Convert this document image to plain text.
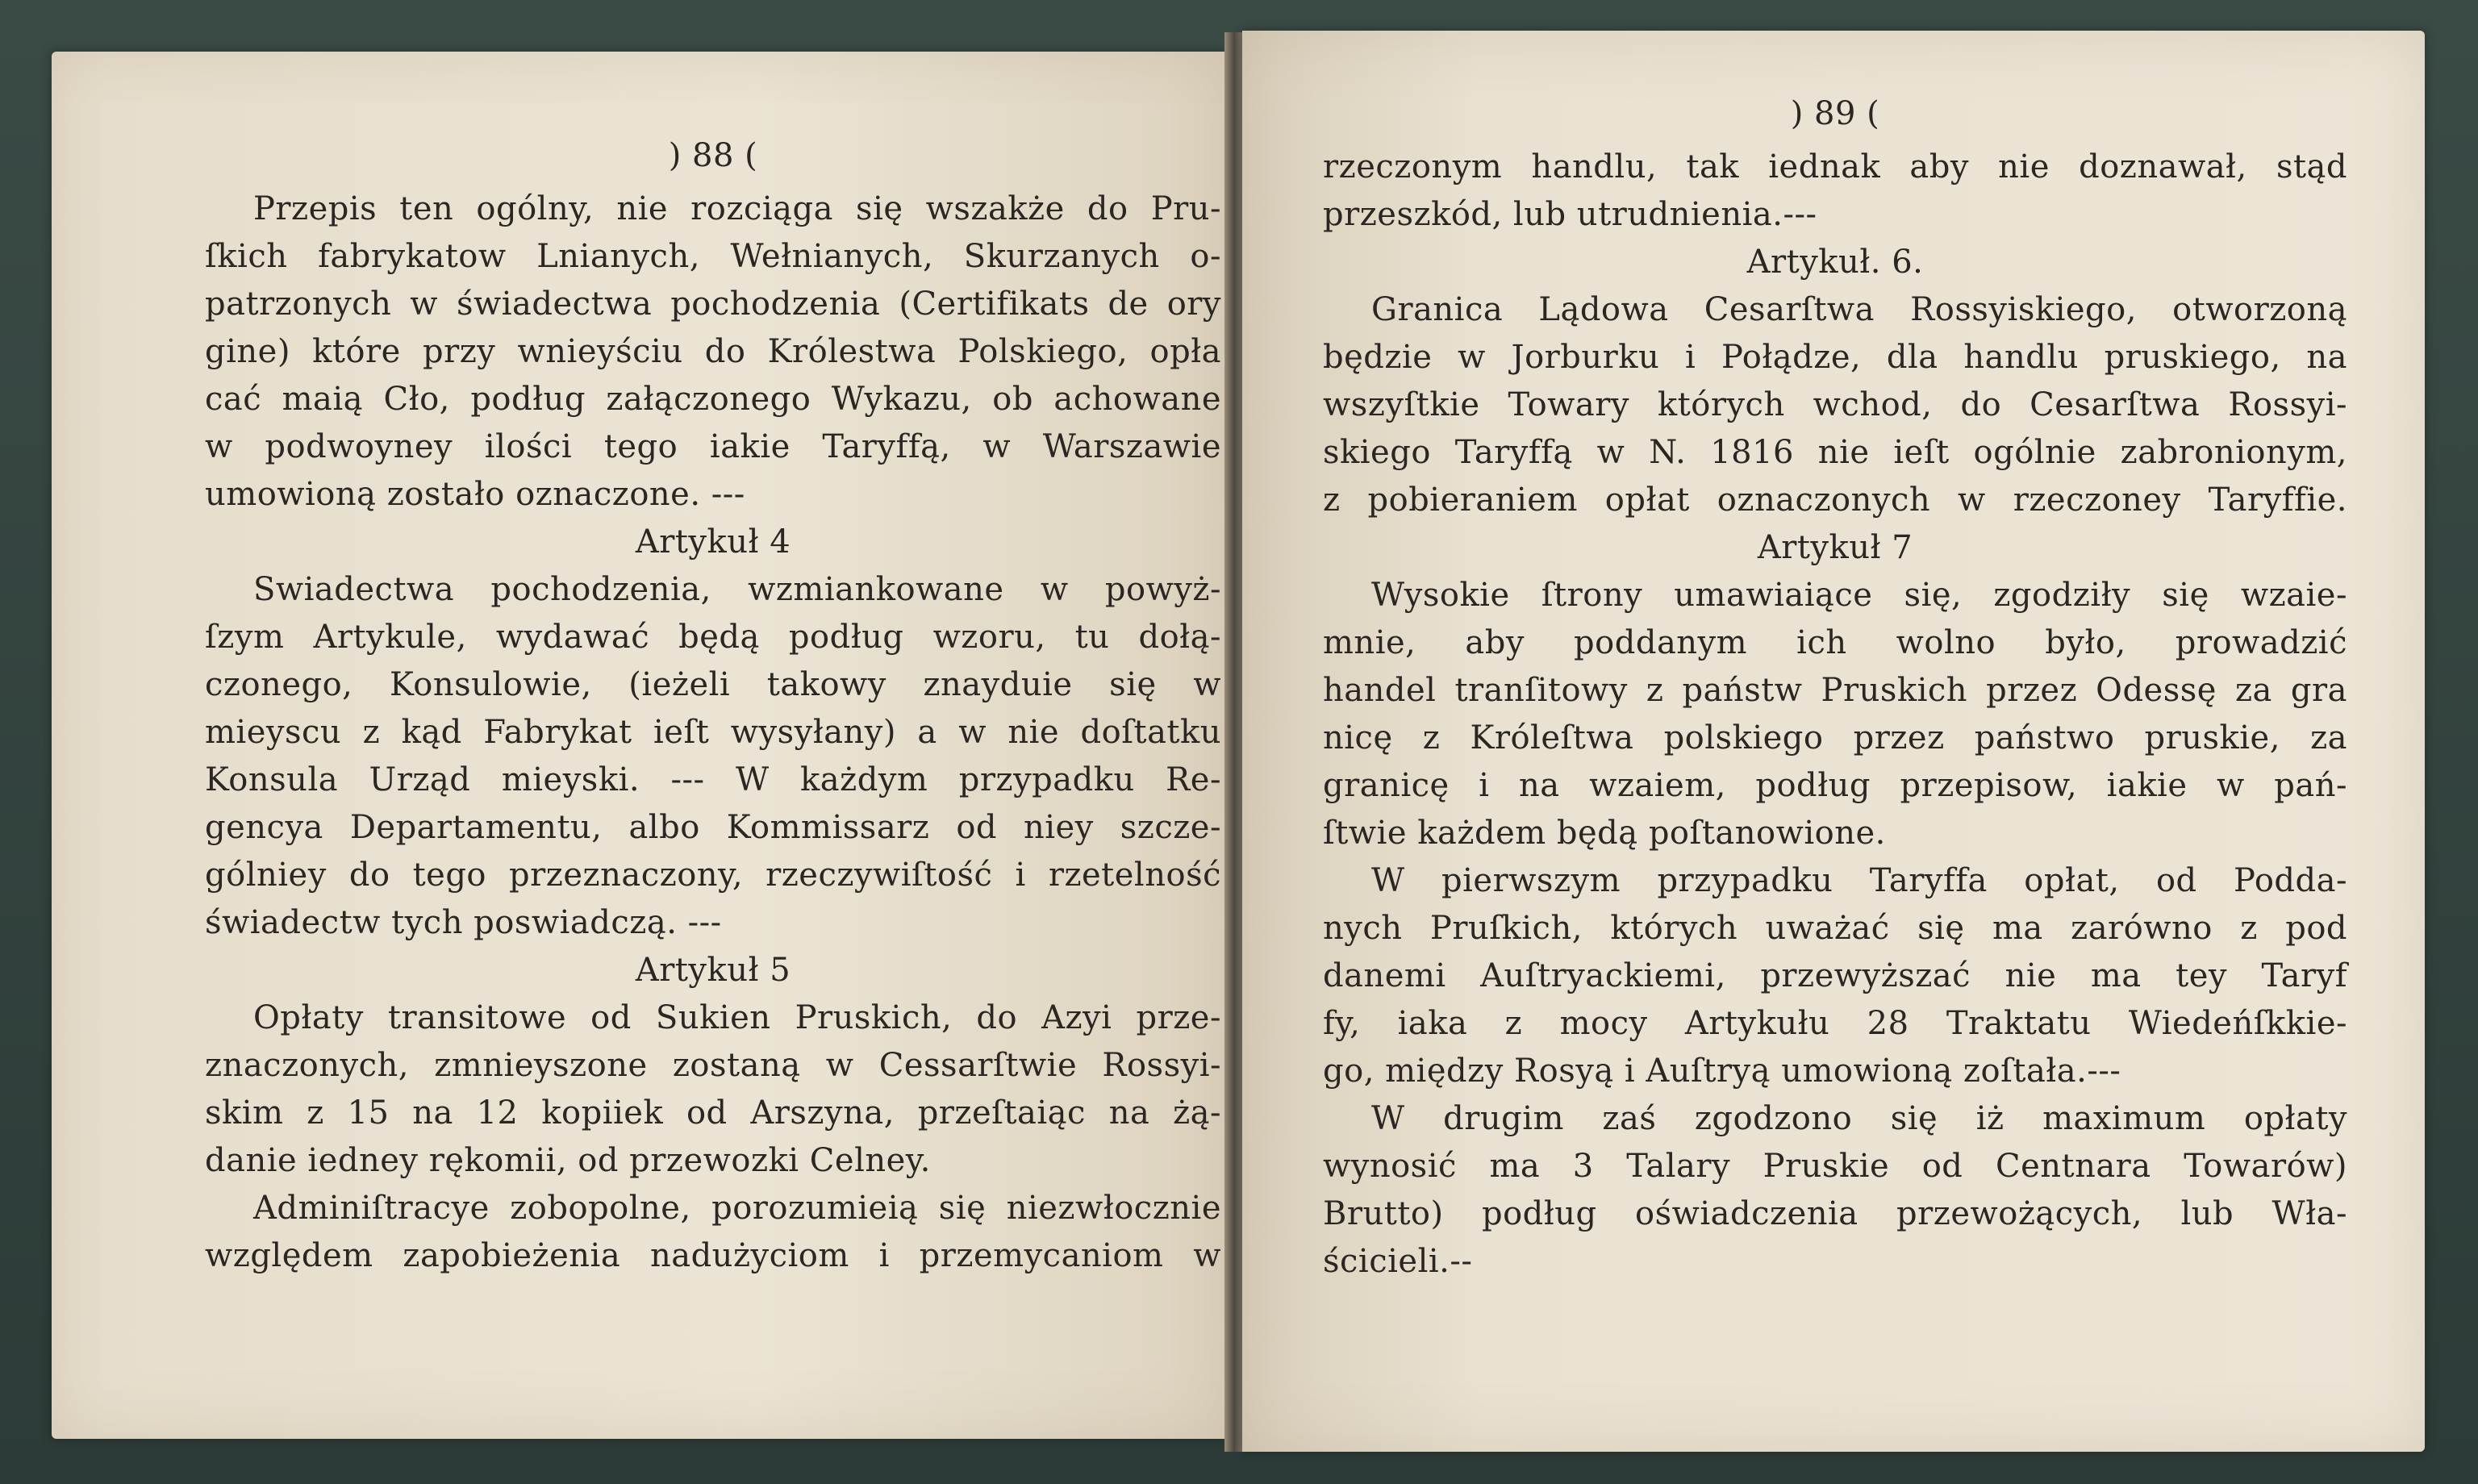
) 88 (
Przepis ten ogólny, nie rozciąga się wszakże do Pru-
ſkich fabrykatow Lnianych, Wełnianych, Skurzanych o-
patrzonych w świadectwa pochodzenia (Certifikats de ory
gine) które przy wnieyściu do Królestwa Polskiego, opła
cać maią Cło, podług załączonego Wykazu, ob achowane
w podwoyney ilości tego iakie Taryffą, w Warszawie
umowioną zostało oznaczone. ---
Artykuł 4
Swiadectwa pochodzenia, wzmiankowane w powyż-
ſzym Artykule, wydawać będą podług wzoru, tu dołą-
czonego, Konsulowie, (ieżeli takowy znayduie się w
mieyscu z kąd Fabrykat ieſt wysyłany) a w nie doſtatku
Konsula Urząd mieyski. --- W każdym przypadku Re-
gencya Departamentu, albo Kommissarz od niey szcze-
gólniey do tego przeznaczony, rzeczywiſtość i rzetelność
świadectw tych poswiadczą. ---
Artykuł 5
Opłaty transitowe od Sukien Pruskich, do Azyi prze-
znaczonych, zmnieyszone zostaną w Cessarſtwie Rossyi-
skim z 15 na 12 kopiiek od Arszyna, przeſtaiąc na żą-
danie iedney rękomii, od przewozki Celney.
Adminiſtracye zobopolne, porozumieią się niezwłocznie
względem zapobieżenia nadużyciom i przemycaniom w
) 89 (
rzeczonym handlu, tak iednak aby nie doznawał, stąd
przeszkód, lub utrudnienia.---
Artykuł. 6.
Granica Lądowa Cesarſtwa Rossyiskiego, otworzoną
będzie w Jorburku i Połądze, dla handlu pruskiego, na
wszyſtkie Towary których wchod, do Cesarſtwa Rossyi-
skiego Taryffą w N. 1816 nie ieſt ogólnie zabronionym,
z pobieraniem opłat oznaczonych w rzeczoney Taryffie.
Artykuł 7
Wysokie ſtrony umawiaiące się, zgodziły się wzaie-
mnie, aby poddanym ich wolno było, prowadzić
handel tranſitowy z państw Pruskich przez Odessę za gra
nicę z Króleſtwa polskiego przez państwo pruskie, za
granicę i na wzaiem, podług przepisow, iakie w pań-
ſtwie każdem będą poſtanowione.
W pierwszym przypadku Taryffa opłat, od Podda-
nych Pruſkich, których uważać się ma zarówno z pod
danemi Auſtryackiemi, przewyższać nie ma tey Taryf
fy, iaka z mocy Artykułu 28 Traktatu Wiedeńſkkie-
go, między Rosyą i Auſtryą umowioną zoſtała.---
W drugim zaś zgodzono się iż maximum opłaty
wynosić ma 3 Talary Pruskie od Centnara Towarów)
Brutto) podług oświadczenia przewożących, lub Wła-
ścicieli.--
